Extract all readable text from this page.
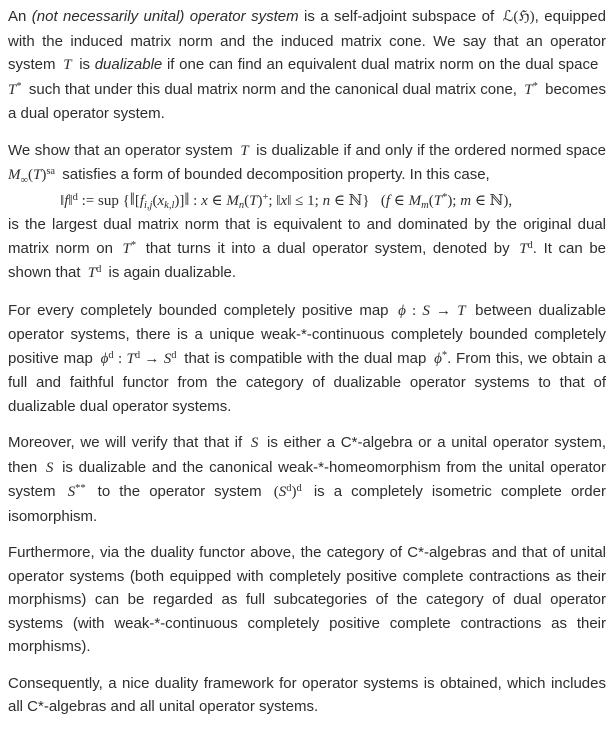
An (not necessarily unital) operator system is a self-adjoint subspace of  ℒ(ℌ), equipped with the induced matrix norm and the induced matrix cone. We say that an operator system  T  is dualizable if one can find an equivalent dual matrix norm on the dual space  T*  such that under this dual matrix norm and the canonical dual matrix cone,  T*  becomes a dual operator system.

We show that an operator system  T  is dualizable if and only if the ordered normed space $M_\infty(T)^{sa}$  satisfies a form of bounded decomposition property. In this case,

‖f‖$^d$ := sup {$‖[f_{i,j}(x_{k,l})]‖$ : x ∈ $M_n(T)^+$; ‖x‖ ≤ 1; n ∈ ℕ}   (f ∈ $M_m(T^*)$; m ∈ ℕ),

is the largest dual matrix norm that is equivalent to and dominated by the original dual matrix norm on  T*  that turns it into a dual operator system, denoted by  $T^d$. It can be shown that  $T^d$  is again dualizable.

For every completely bounded completely positive map  ϕ : S → T  between dualizable operator systems, there is a unique weak-*-continuous completely bounded completely positive map  $\phi^d$ : $T^d \to S^d$  that is compatible with the dual map  ϕ*. From this, we obtain a full and faithful functor from the category of dualizable operator systems to that of dualizable dual operator systems.

Moreover, we will verify that that if  S  is either a C*-algebra or a unital operator system, then  S  is dualizable and the canonical weak-*-homeomorphism from the unital operator system  S**  to the operator system  $(S^d)^d$  is a completely isometric complete order isomorphism.

Furthermore, via the duality functor above, the category of C*-algebras and that of unital operator systems (both equipped with completely positive complete contractions as their morphisms) can be regarded as full subcategories of the category of dual operator systems (with weak-*-continuous completely positive complete contractions as their morphisms).

Consequently, a nice duality framework for operator systems is obtained, which includes all C*-algebras and all unital operator systems.
